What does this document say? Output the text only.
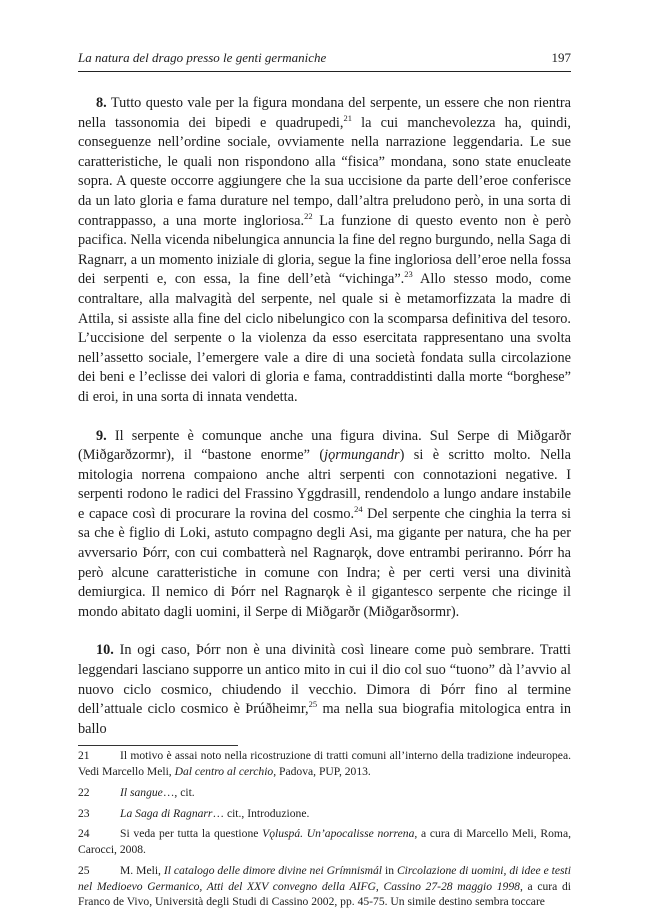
La natura del drago presso le genti germaniche	197

8. Tutto questo vale per la figura mondana del serpente, un essere che non rientra nella tassonomia dei bipedi e quadrupedi,$^{21}$ la cui manchevolezza ha, quindi, conseguenze nell’ordine sociale, ovviamente nella narrazione leggendaria. Le sue caratteristiche, le quali non rispondono alla “fisica” mondana, sono state enucleate sopra. A queste occorre aggiungere che la sua uccisione da parte dell’eroe conferisce da un lato gloria e fama durature nel tempo, dall’altra preludono però, in una sorta di contrappasso, a una morte ingloriosa.$^{22}$ La funzione di questo evento non è però pacifica. Nella vicenda nibelungica annuncia la fine del regno burgundo, nella Saga di Ragnarr, a un momento iniziale di gloria, segue la fine ingloriosa dell’eroe nella fossa dei serpenti e, con essa, la fine dell’età “vichinga”.$^{23}$ Allo stesso modo, come contraltare, alla malvagità del serpente, nel quale si è metamorfizzata la madre di Attila, si assiste alla fine del ciclo nibelungico con la scomparsa definitiva del tesoro. L’uccisione del serpente o la violenza da esso esercitata rappresentano una svolta nell’assetto sociale, l’emergere vale a dire di una società fondata sulla circolazione dei beni e l’eclisse dei valori di gloria e fama, contraddistinti dalla morte “borghese” di eroi, in una sorta di innata vendetta.

9. Il serpente è comunque anche una figura divina. Sul Serpe di Miðgarðr (Miðgarðzormr), il “bastone enorme” (jǫrmungandr) si è scritto molto. Nella mitologia norrena compaiono anche altri serpenti con connotazioni negative. I serpenti rodono le radici del Frassino Yggdrasill, rendendolo a lungo andare instabile e capace così di procurare la rovina del cosmo.$^{24}$ Del serpente che cinghia la terra si sa che è figlio di Loki, astuto compagno degli Asi, ma gigante per natura, che ha per avversario Þórr, con cui combatterà nel Ragnarǫk, dove entrambi periranno. Þórr ha però alcune caratteristiche in comune con Indra; è per certi versi una divinità demiurgica. Il nemico di Þórr nel Ragnarǫk è il gigantesco serpente che ricinge il mondo abitato dagli uomini, il Serpe di Miðgarðr (Miðgarðsormr).

10. In ogi caso, Þórr non è una divinità così lineare come può sembrare. Tratti leggendari lasciano supporre un antico mito in cui il dio col suo “tuono” dà l’avvio al nuovo ciclo cosmico, chiudendo il vecchio. Dimora di Þórr fino al termine dell’attuale ciclo cosmico è Þrúðheimr,$^{25}$ ma nella sua biografia mitologica entra in ballo

21	Il motivo è assai noto nella ricostruzione di tratti comuni all’interno della tradizione indeuropea. Vedi Marcello Meli, Dal centro al cerchio, Padova, PUP, 2013.
22	Il sangue…, cit.
23	La Saga di Ragnarr… cit., Introduzione.
24	Si veda per tutta la questione Vǫluspá. Un’apocalisse norrena, a cura di Marcello Meli, Roma, Carocci, 2008.
25	M. Meli, Il catalogo delle dimore divine nei Grímnismál in Circolazione di uomini, di idee e testi nel Medioevo Germanico, Atti del XXV convegno della AIFG, Cassino 27-28 maggio 1998, a cura di Franco de Vivo, Università degli Studi di Cassino 2002, pp. 45-75. Un simile destino sembra toccare
